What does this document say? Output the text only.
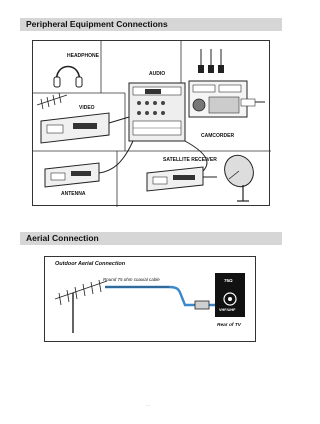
Peripheral Equipment Connections
HEADPHONE
AUDIO
VIDEO
CAMCORDER
SATELLITE RECEIVER
ANTENNA
Aerial Connection
Outdoor Aerial Connection
Round 75 ohm coaxial cable	75Ω
VHF/UHF
Rear of TV
- -
